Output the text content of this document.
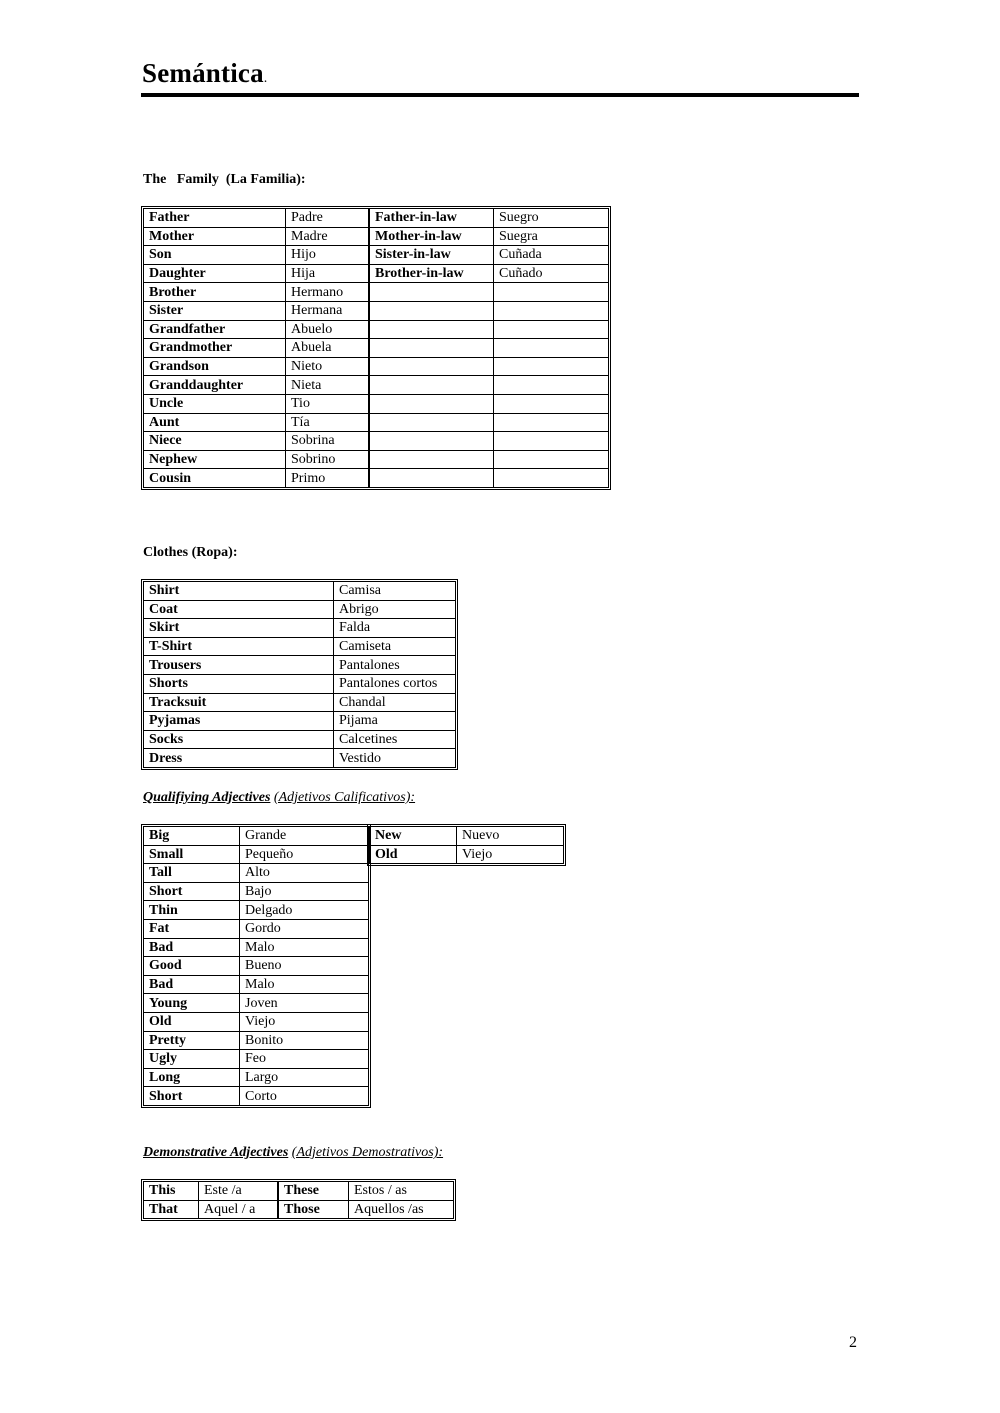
Semántica.
The   Family  (La Familia):
Father	Padre	Father-in-law	Suegro
Mother	Madre	Mother-in-law	Suegra
Son	Hijo	Sister-in-law	Cuñada
Daughter	Hija	Brother-in-law	Cuñado
Brother	Hermano		
Sister	Hermana		
Grandfather	Abuelo		
Grandmother	Abuela		
Grandson	Nieto		
Granddaughter	Nieta		
Uncle	Tio		
Aunt	Tía		
Niece	Sobrina		
Nephew	Sobrino		
Cousin	Primo		
Clothes (Ropa):
Shirt	Camisa
Coat	Abrigo
Skirt	Falda
T-Shirt	Camiseta
Trousers	Pantalones
Shorts	Pantalones cortos
Tracksuit	Chandal
Pyjamas	Pijama
Socks	Calcetines
Dress	Vestido
Qualifiying Adjectives (Adjetivos Calificativos):
Big	Grande
Small	Pequeño
Tall	Alto
Short	Bajo
Thin	Delgado
Fat	Gordo
Bad	Malo
Good	Bueno
Bad	Malo
Young	Joven
Old	Viejo
Pretty	Bonito
Ugly	Feo
Long	Largo
Short	Corto
New	Nuevo
Old	Viejo
Demonstrative Adjectives (Adjetivos Demostrativos):
This	Este /a	These	Estos / as
That	Aquel / a	Those	Aquellos /as
2
